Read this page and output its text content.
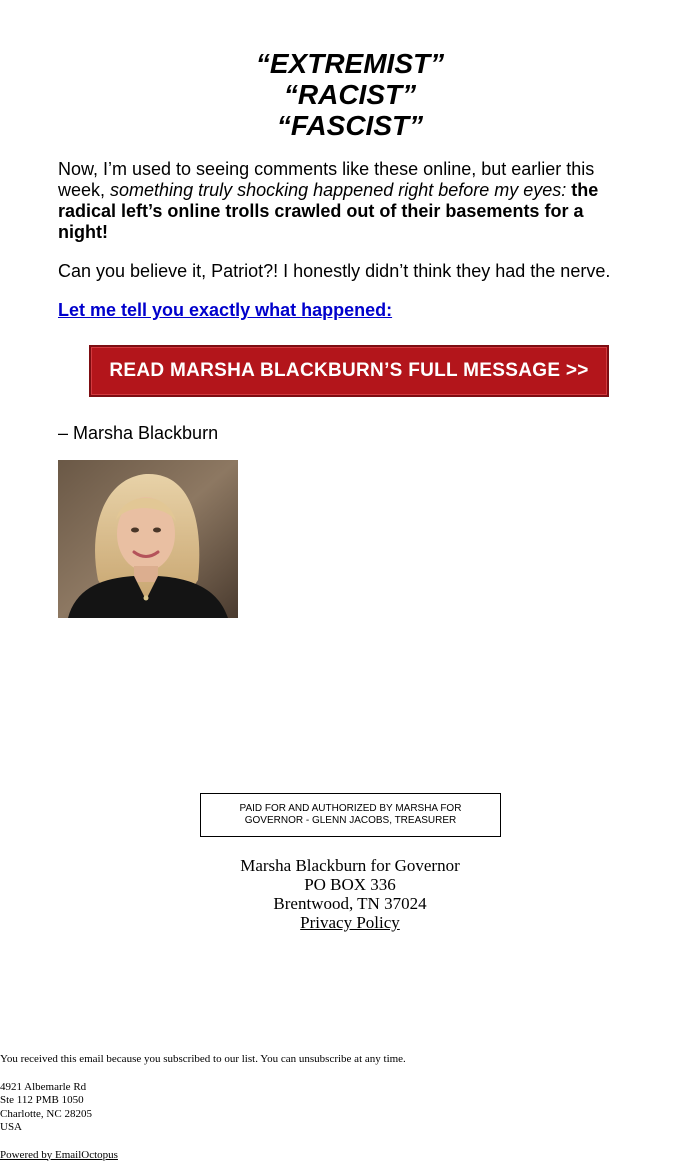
“EXTREMIST”
“RACIST”
“FASCIST”
Now, I’m used to seeing comments like these online, but earlier this week, something truly shocking happened right before my eyes: the radical left’s online trolls crawled out of their basements for a night!
Can you believe it, Patriot?! I honestly didn’t think they had the nerve.
Let me tell you exactly what happened:
READ MARSHA BLACKBURN’S FULL MESSAGE >>
– Marsha Blackburn
PAID FOR AND AUTHORIZED BY MARSHA FOR GOVERNOR - GLENN JACOBS, TREASURER
Marsha Blackburn for Governor
PO BOX 336
Brentwood, TN 37024
Privacy Policy
You received this email because you subscribed to our list. You can unsubscribe at any time.
4921 Albemarle Rd
Ste 112 PMB 1050
Charlotte, NC 28205
USA
Powered by EmailOctopus
